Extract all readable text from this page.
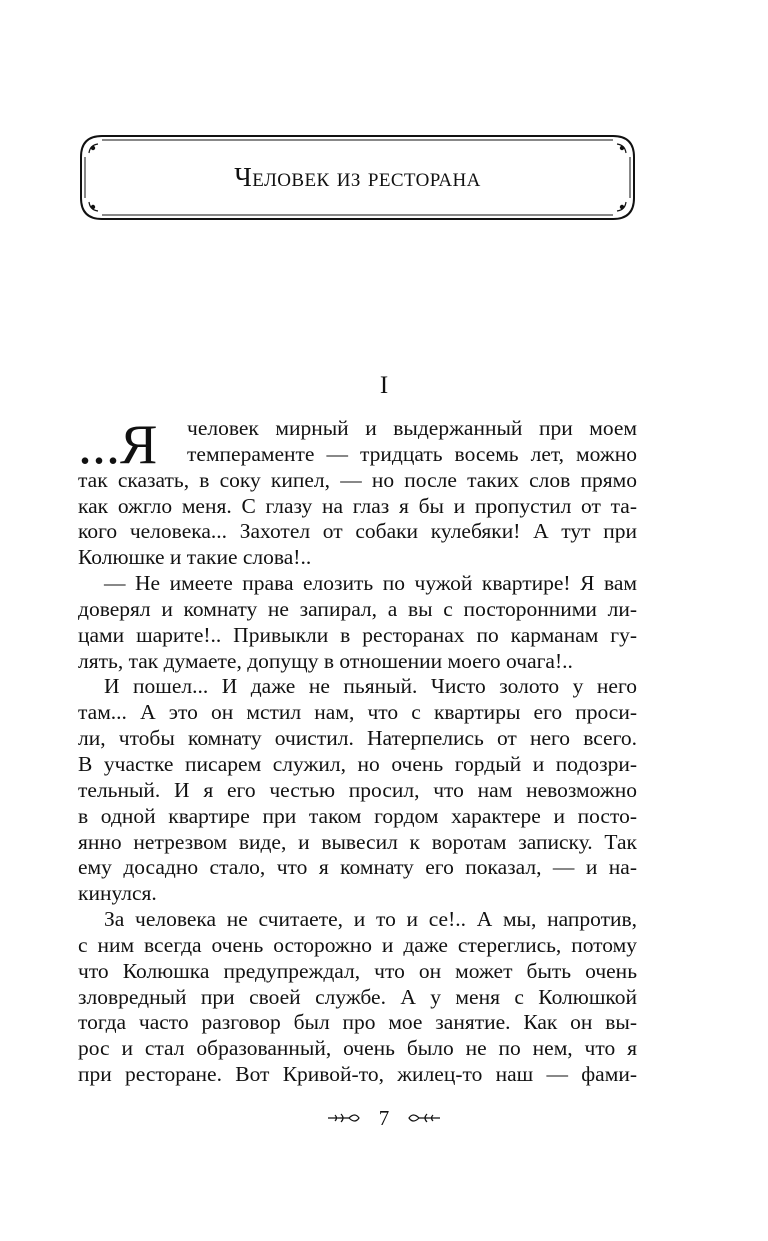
Человек из ресторана
I
...Я человек мирный и выдержанный при моем
темпераменте — тридцать восемь лет, можно
так сказать, в соку кипел, — но после таких слов прямо
как ожгло меня. С глазу на глаз я бы и пропустил от та-
кого человека... Захотел от собаки кулебяки! А тут при
Колюшке и такие слова!..
— Не имеете права елозить по чужой квартире! Я вам
доверял и комнату не запирал, а вы с посторонними ли-
цами шарите!.. Привыкли в ресторанах по карманам гу-
лять, так думаете, допущу в отношении моего очага!..
И пошел... И даже не пьяный. Чисто золото у него
там... А это он мстил нам, что с квартиры его проси-
ли, чтобы комнату очистил. Натерпелись от него всего.
В участке писарем служил, но очень гордый и подозри-
тельный. И я его честью просил, что нам невозможно
в одной квартире при таком гордом характере и посто-
янно нетрезвом виде, и вывесил к воротам записку. Так
ему досадно стало, что я комнату его показал, — и на-
кинулся.
За человека не считаете, и то и се!.. А мы, напротив,
с ним всегда очень осторожно и даже стереглись, потому
что Колюшка предупреждал, что он может быть очень
зловредный при своей службе. А у меня с Колюшкой
тогда часто разговор был про мое занятие. Как он вы-
рос и стал образованный, очень было не по нем, что я
при ресторане. Вот Кривой-то, жилец-то наш — фами-
7
